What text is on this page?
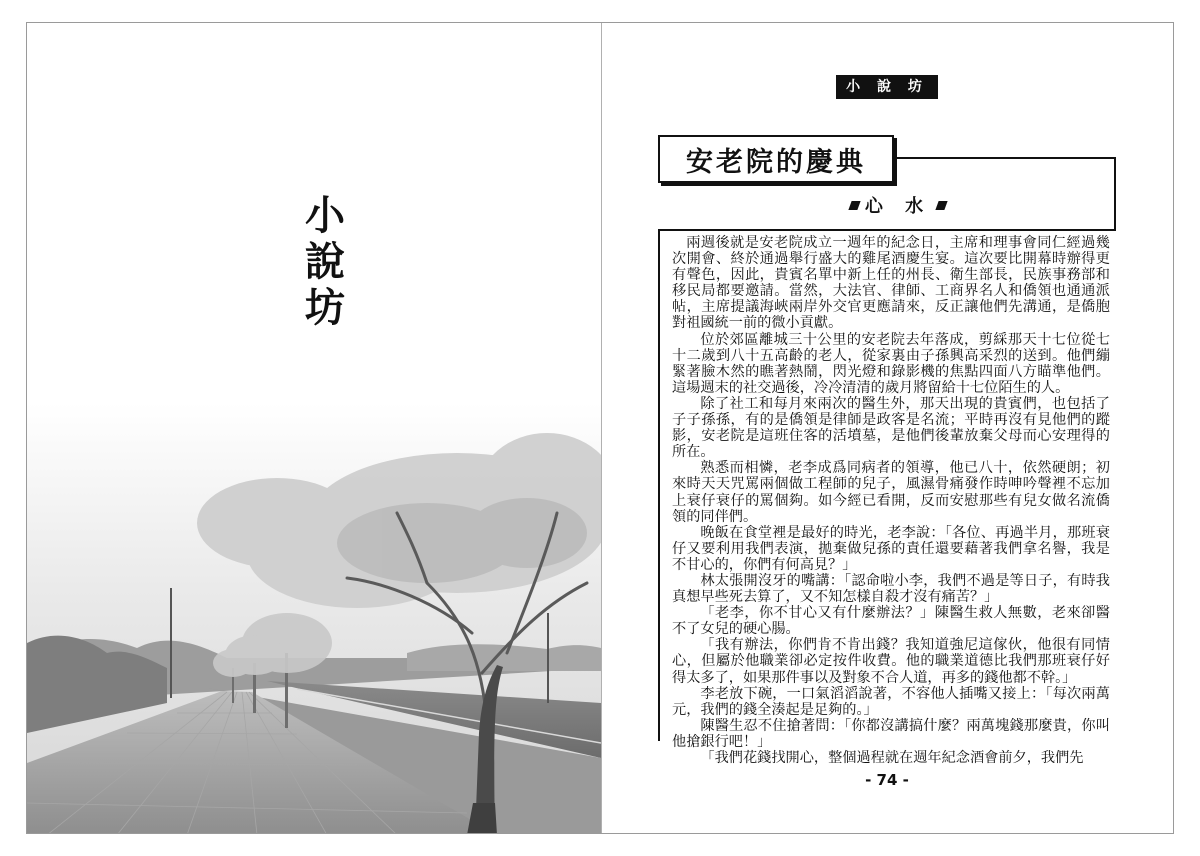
小
說
坊
小 說 坊
安老院的慶典
心 水

兩週後就是安老院成立一週年的紀念日，主席和理事會同仁經過幾次開會、終於通過舉行盛大的雞尾酒慶生宴。這次要比開幕時辦得更有聲色，因此，貴賓名單中新上任的州長、衛生部長，民族事務部和移民局都要邀請。當然，大法官、律師、工商界名人和僑領也通通派帖，主席提議海峽兩岸外交官更應請來，反正讓他們先溝通，是僑胞對祖國統一前的微小貢獻。

位於郊區離城三十公里的安老院去年落成，剪綵那天十七位從七十二歲到八十五高齡的老人，從家裏由子孫興高采烈的送到。他們繃緊著臉木然的瞧著熱鬧，閃光燈和錄影機的焦點四面八方瞄準他們。這場週末的社交過後，冷冷清清的歲月將留給十七位陌生的人。

除了社工和每月來兩次的醫生外，那天出現的貴賓們，也包括了子子孫孫，有的是僑領是律師是政客是名流；平時再沒有見他們的蹤影，安老院是這班住客的活墳墓，是他們後輩放棄父母而心安理得的所在。

熟悉而相憐，老李成爲同病者的領導，他已八十，依然硬朗；初來時天天咒罵兩個做工程師的兒子，風濕骨痛發作時呻吟聲裡不忘加上衰仔衰仔的罵個夠。如今經已看開，反而安慰那些有兒女做名流僑領的同伴們。

晚飯在食堂裡是最好的時光，老李說：「各位、再過半月，那班衰仔又要利用我們表演，拋棄做兒孫的責任還要藉著我們拿名譽，我是不甘心的，你們有何高見？」

林太張開沒牙的嘴講：「認命啦小李，我們不過是等日子，有時我真想早些死去算了，又不知怎樣自殺才沒有痛苦？」

「老李，你不甘心又有什麼辦法？」陳醫生救人無數，老來卻醫不了女兒的硬心腸。

「我有辦法，你們肯不肯出錢？我知道強尼這傢伙，他很有同情心，但屬於他職業卻必定按件收費。他的職業道德比我們那班衰仔好得太多了，如果那件事以及對象不合人道，再多的錢他都不幹。」

李老放下碗，一口氣滔滔說著，不容他人插嘴又接上：「每次兩萬元，我們的錢全湊起是足夠的。」

陳醫生忍不住搶著問：「你都沒講搞什麼？兩萬塊錢那麼貴，你叫他搶銀行吧！」

「我們花錢找開心，整個過程就在週年紀念酒會前夕，我們先

- 74 -
